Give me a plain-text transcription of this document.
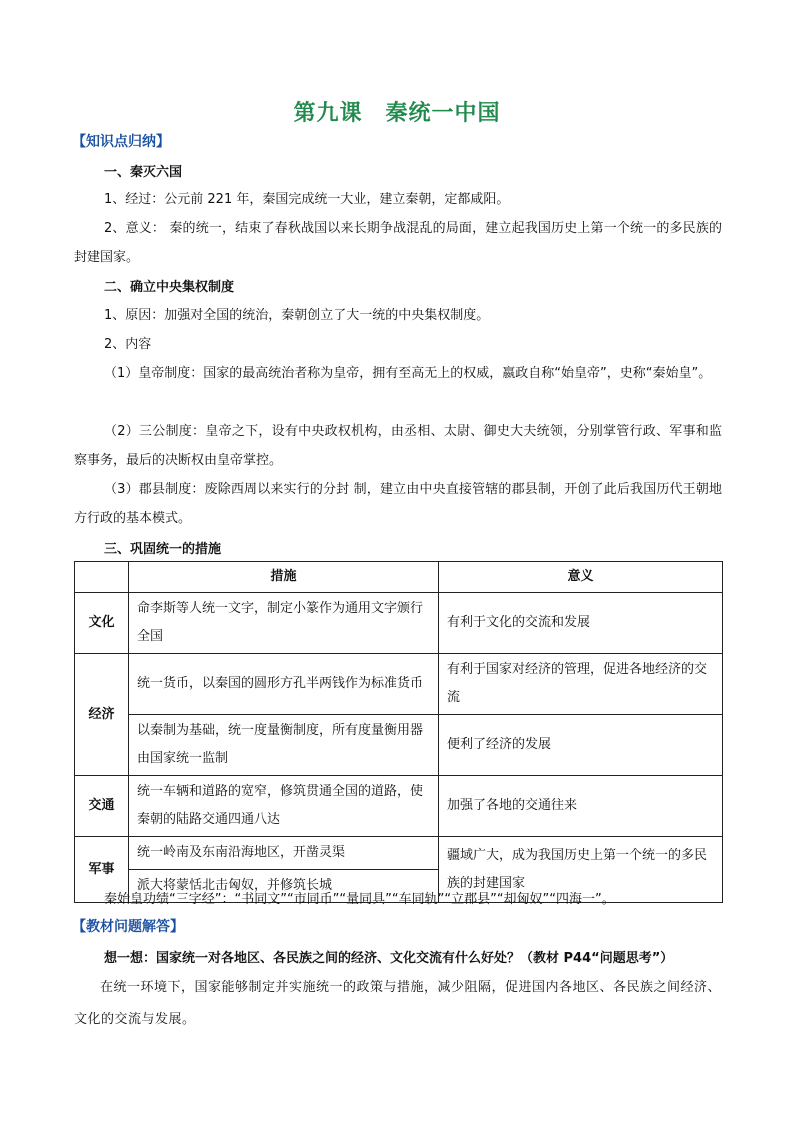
第九课　秦统一中国
【知识点归纳】
一、秦灭六国
1、经过：公元前 221 年，秦国完成统一大业，建立秦朝，定都咸阳。
2、意义： 秦的统一，结束了春秋战国以来长期争战混乱的局面，建立起我国历史上第一个统一的多民族的封建国家。
二、确立中央集权制度
1、原因：加强对全国的统治，秦朝创立了大一统的中央集权制度。
2、内容
（1）皇帝制度：国家的最高统治者称为皇帝，拥有至高无上的权威，嬴政自称“始皇帝”，史称“秦始皇”。
（2）三公制度：皇帝之下，设有中央政权机构，由丞相、太尉、御史大夫统领，分别掌管行政、军事和监察事务，最后的决断权由皇帝掌控。
（3）郡县制度：废除西周以来实行的分封 制，建立由中央直接管辖的郡县制，开创了此后我国历代王朝地方行政的基本模式。
三、巩固统一的措施
	措施	意义
文化	命李斯等人统一文字，制定小篆作为通用文字颁行全国	有利于文化的交流和发展
经济	统一货币，以秦国的圆形方孔半两钱作为标准货币	有利于国家对经济的管理，促进各地经济的交流
	以秦制为基础，统一度量衡制度，所有度量衡用器由国家统一监制	便利了经济的发展
交通	统一车辆和道路的宽窄，修筑贯通全国的道路，使秦朝的陆路交通四通八达	加强了各地的交通往来
军事	统一岭南及东南沿海地区，开凿灵渠	疆域广大，成为我国历史上第一个统一的多民族的封建国家
	派大将蒙恬北击匈奴，并修筑长城	
秦始皇功绩“三字经”：“书同文”“市同币”“量同具”“车同轨”“立郡县”“却匈奴”“四海一”。
【教材问题解答】
想一想：国家统一对各地区、各民族之间的经济、文化交流有什么好处？（教材 P44“问题思考”）
在统一环境下，国家能够制定并实施统一的政策与措施，减少阻隔，促进国内各地区、各民族之间经济、文化的交流与发展。
